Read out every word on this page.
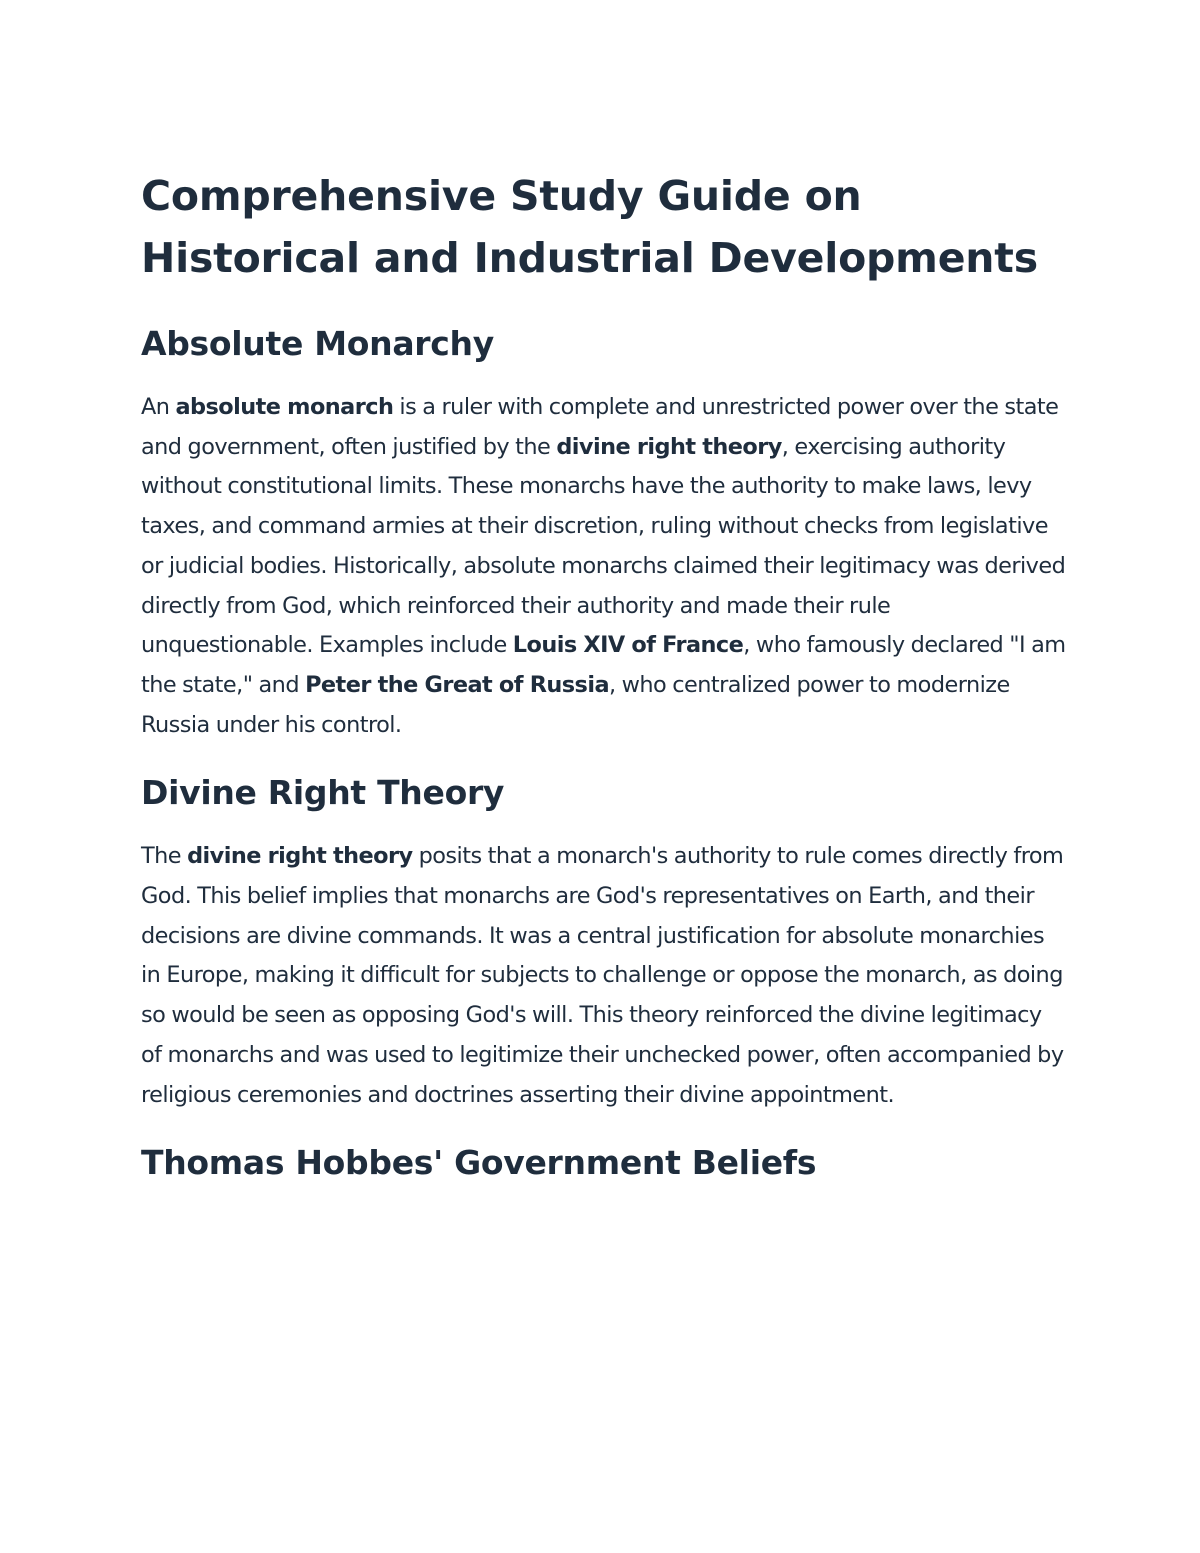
Comprehensive Study Guide on Historical and Industrial Developments
Absolute Monarchy

An absolute monarch is a ruler with complete and unrestricted power over the state and government, often justified by the divine right theory, exercising authority without constitutional limits. These monarchs have the authority to make laws, levy taxes, and command armies at their discretion, ruling without checks from legislative or judicial bodies. Historically, absolute monarchs claimed their legitimacy was derived directly from God, which reinforced their authority and made their rule unquestionable. Examples include Louis XIV of France, who famously declared "I am the state," and Peter the Great of Russia, who centralized power to modernize Russia under his control.

Divine Right Theory

The divine right theory posits that a monarch's authority to rule comes directly from God. This belief implies that monarchs are God's representatives on Earth, and their decisions are divine commands. It was a central justification for absolute monarchies in Europe, making it difficult for subjects to challenge or oppose the monarch, as doing so would be seen as opposing God's will. This theory reinforced the divine legitimacy of monarchs and was used to legitimize their unchecked power, often accompanied by religious ceremonies and doctrines asserting their divine appointment.

Thomas Hobbes' Government Beliefs
